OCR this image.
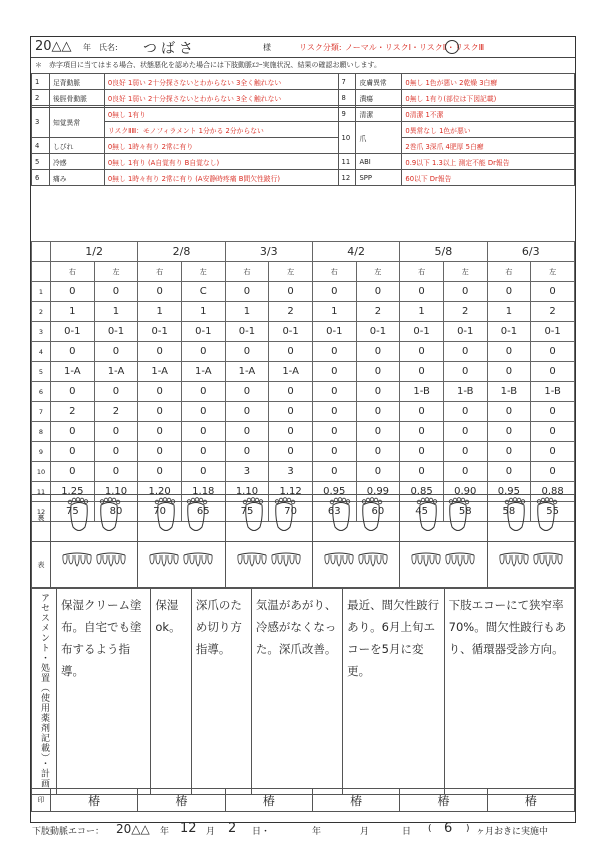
20△△ 年 氏名: つばさ	様	リスク分類: ノーマル・リスクⅠ・リスクⅡ・リスクⅢ
＊ 赤字項目に当てはまる場合、状態悪化を認めた場合には下肢動脈ｴｺｰ実施状況、結果の確認お願いします。
1	足背動脈	0良好 1弱い 2十分探さないとわからない 3全く触れない	7	皮膚異常	0無し 1色が悪い 2乾燥 3白癬
2	後脛骨動脈	0良好 1弱い 2十分探さないとわからない 3全く触れない	8	潰瘍	0無し 1有り(部位は下図記載)
3	知覚異常	0無し 1有り	9	清潔	0清潔 1不潔
		リスクⅡⅢ：モノフィラメント 1分かる 2分からない	10	爪	0異常なし 1色が悪い
4	しびれ	0無し 1時々有り 2常に有り			2巻爪 3深爪 4肥厚 5白癬
5	冷感	0無し 1有り (A自覚有り B自覚なし)	11	ABI	0.9以下 1.3以上 測定不能 Dr報告
6	痛み	0無し 1時々有り 2常に有り (A安静時疼痛 B間欠性跛行)	12	SPP	60以下 Dr報告
	1/2		2/8		3/3		4/2		5/8		6/3	
	右	左	右	左	右	左	右	左	右	左	右	左
1	0	0	0	C	0	0	0	0	0	0	0	0
2	1	1	1	1	1	2	1	2	1	2	1	2
3	0-1	0-1	0-1	0-1	0-1	0-1	0-1	0-1	0-1	0-1	0-1	0-1
4	0	0	0	0	0	0	0	0	0	0	0	0
5	1-A	1-A	1-A	1-A	1-A	1-A	0	0	0	0	0	0
6	0	0	0	0	0	0	0	0	1-B	1-B	1-B	1-B
7	2	2	0	0	0	0	0	0	0	0	0	0
8	0	0	0	0	0	0	0	0	0	0	0	0
9	0	0	0	0	0	0	0	0	0	0	0	0
10	0	0	0	0	3	3	0	0	0	0	0	0
11	1.25	1.10	1.20	1.18	1.10	1.12	0.95	0.99	0.85	0.90	0.95	0.88
12	75	80	70	65	75	70	63	60	45	58	58	55
裏						
表						
アセスメント・処置（使用薬剤記載）・計画	保湿クリーム塗布。自宅でも塗布するよう指導。	保湿ok。	深爪のため切り方指導。	気温があがり、冷感がなくなった。深爪改善。	最近、間欠性跛行あり。6月上旬エコーを5月に変更。	下肢エコーにて狭窄率70%。間欠性跛行もあり、循環器受診方向。
印	椿	椿	椿	椿	椿	椿
下肢動脈エコー： 20△△ 年 12 月 2 日・	年	月	日 ( 6 ) ヶ月おきに実施中
